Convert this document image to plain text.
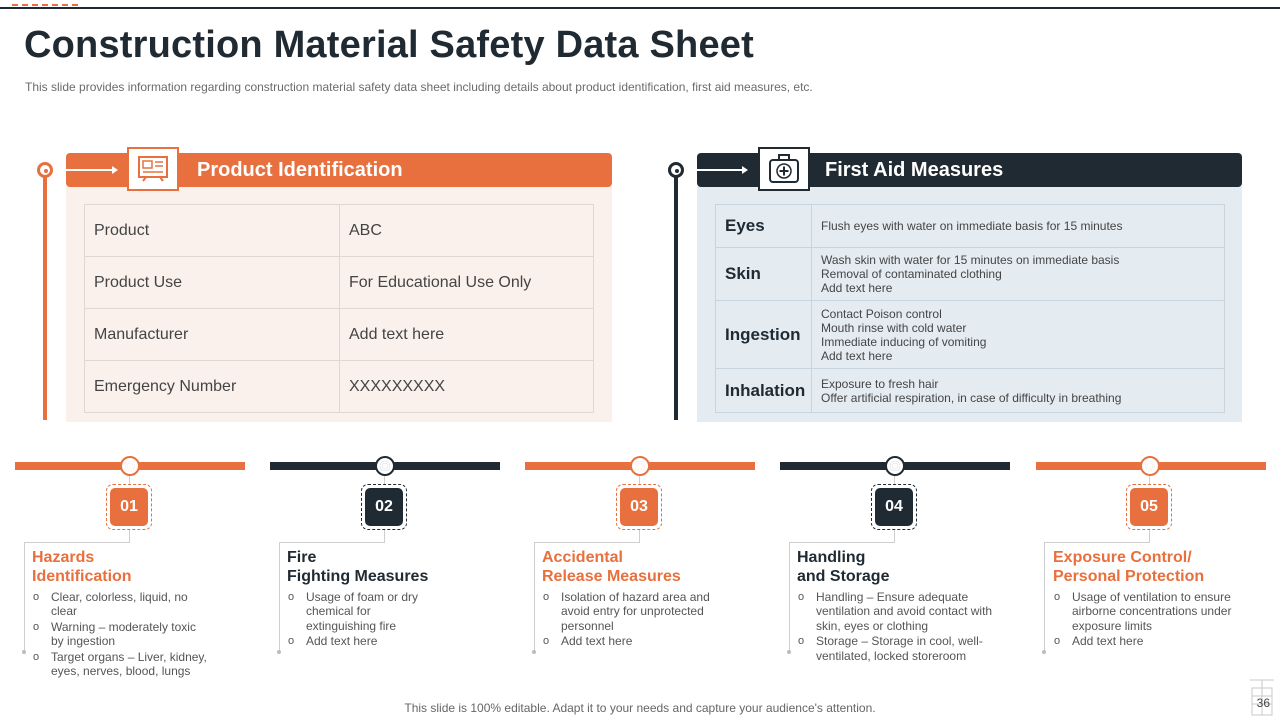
Construction Material Safety Data Sheet

This slide provides information regarding construction material safety data sheet including details about product identification, first aid measures, etc.

Product Identification
Product	ABC
Product Use	For Educational Use Only
Manufacturer	Add text here
Emergency Number	XXXXXXXXX
First Aid Measures
Eyes	Flush eyes with water on immediate basis for 15 minutes

Skin	Wash skin with water for 15 minutes on immediate basis
Removal of contaminated clothing
Add text here

Ingestion	Contact Poison control
Mouth rinse with cold water
Immediate inducing of vomiting
Add text here

Inhalation	Exposure to fresh hair
Offer artificial respiration, in case of difficulty in breathing
01
Hazards
Identification
o Clear, colorless, liquid, no clear
o Warning – moderately toxic by ingestion
o Target organs – Liver, kidney, eyes, nerves, blood, lungs
02
Fire
Fighting Measures
o Usage of foam or dry chemical for extinguishing fire
o Add text here
03
Accidental
Release Measures
o Isolation of hazard area and avoid entry for unprotected personnel
o Add text here
04
Handling
and Storage
o Handling – Ensure adequate ventilation and avoid contact with skin, eyes or clothing
o Storage – Storage in cool, well-ventilated, locked storeroom
05
Exposure Control/
Personal Protection
o Usage of ventilation to ensure airborne concentrations under exposure limits
o Add text here
This slide is 100% editable. Adapt it to your needs and capture your audience's attention.	36
